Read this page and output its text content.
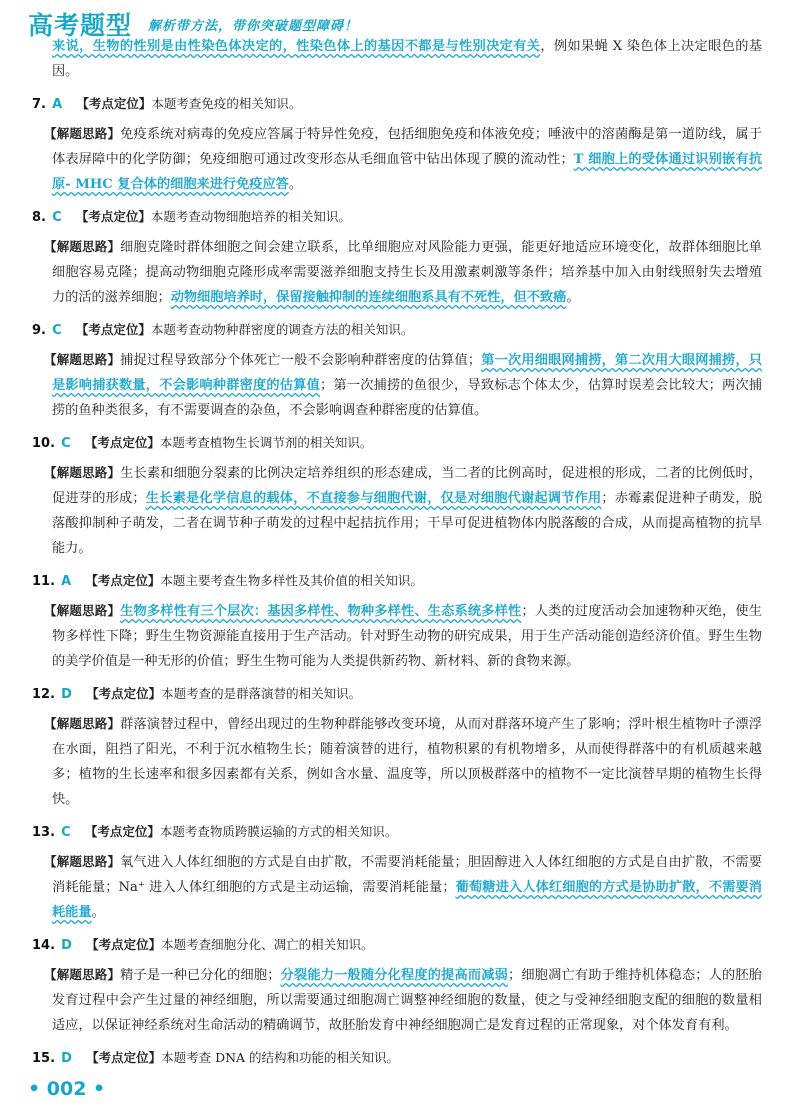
高考题型 解析带方法，带你突破题型障碍！

来说，生物的性别是由性染色体决定的，性染色体上的基因不都是与性别决定有关，例如果蝇 X 染色体上决定眼色的基因。

7. A 【考点定位】本题考查免疫的相关知识。

【解题思路】免疫系统对病毒的免疫应答属于特异性免疫，包括细胞免疫和体液免疫；唾液中的溶菌酶是第一道防线，属于体表屏障中的化学防御；免疫细胞可通过改变形态从毛细血管中钻出体现了膜的流动性；T 细胞上的受体通过识别嵌有抗原- MHC 复合体的细胞来进行免疫应答。

8. C 【考点定位】本题考查动物细胞培养的相关知识。

【解题思路】细胞克隆时群体细胞之间会建立联系，比单细胞应对风险能力更强，能更好地适应环境变化，故群体细胞比单细胞容易克隆；提高动物细胞克隆形成率需要滋养细胞支持生长及用激素刺激等条件；培养基中加入由射线照射失去增殖力的活的滋养细胞；动物细胞培养时，保留接触抑制的连续细胞系具有不死性，但不致癌。

9. C 【考点定位】本题考查动物种群密度的调查方法的相关知识。

【解题思路】捕捉过程导致部分个体死亡一般不会影响种群密度的估算值；第一次用细眼网捕捞，第二次用大眼网捕捞，只是影响捕获数量，不会影响种群密度的估算值；第一次捕捞的鱼很少，导致标志个体太少，估算时误差会比较大；两次捕捞的鱼种类很多，有不需要调查的杂鱼，不会影响调查种群密度的估算值。

10. C 【考点定位】本题考查植物生长调节剂的相关知识。

【解题思路】生长素和细胞分裂素的比例决定培养组织的形态建成，当二者的比例高时，促进根的形成，二者的比例低时，促进芽的形成；生长素是化学信息的载体，不直接参与细胞代谢，仅是对细胞代谢起调节作用；赤霉素促进种子萌发，脱落酸抑制种子萌发，二者在调节种子萌发的过程中起拮抗作用；干旱可促进植物体内脱落酸的合成，从而提高植物的抗旱能力。

11. A 【考点定位】本题主要考查生物多样性及其价值的相关知识。

【解题思路】生物多样性有三个层次：基因多样性、物种多样性、生态系统多样性；人类的过度活动会加速物种灭绝，使生物多样性下降；野生生物资源能直接用于生产活动。针对野生动物的研究成果，用于生产活动能创造经济价值。野生生物的美学价值是一种无形的价值；野生生物可能为人类提供新药物、新材料、新的食物来源。

12. D 【考点定位】本题考查的是群落演替的相关知识。

【解题思路】群落演替过程中，曾经出现过的生物种群能够改变环境，从而对群落环境产生了影响；浮叶根生植物叶子漂浮在水面，阻挡了阳光，不利于沉水植物生长；随着演替的进行，植物积累的有机物增多，从而使得群落中的有机质越来越多；植物的生长速率和很多因素都有关系，例如含水量、温度等，所以顶极群落中的植物不一定比演替早期的植物生长得快。

13. C 【考点定位】本题考查物质跨膜运输的方式的相关知识。

【解题思路】氧气进入人体红细胞的方式是自由扩散，不需要消耗能量；胆固醇进入人体红细胞的方式是自由扩散，不需要消耗能量；Na⁺ 进入人体红细胞的方式是主动运输，需要消耗能量；葡萄糖进入人体红细胞的方式是协助扩散，不需要消耗能量。

14. D 【考点定位】本题考查细胞分化、凋亡的相关知识。

【解题思路】精子是一种已分化的细胞；分裂能力一般随分化程度的提高而减弱；细胞凋亡有助于维持机体稳态；人的胚胎发育过程中会产生过量的神经细胞，所以需要通过细胞凋亡调整神经细胞的数量，使之与受神经细胞支配的细胞的数量相适应，以保证神经系统对生命活动的精确调节，故胚胎发育中神经细胞凋亡是发育过程的正常现象，对个体发育有利。

15. D 【考点定位】本题考查 DNA 的结构和功能的相关知识。
• 002 •
